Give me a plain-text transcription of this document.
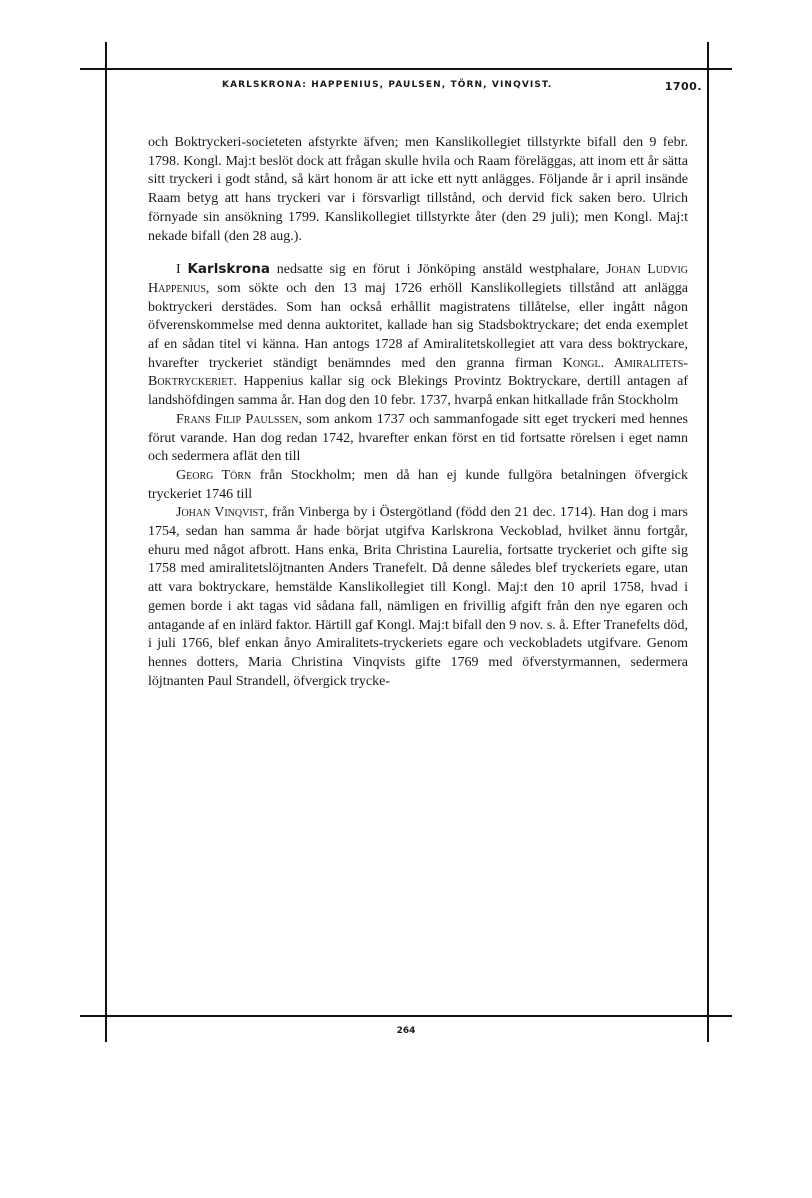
KARLSKRONA: HAPPENIUS, PAULSEN, TÖRN, VINQVIST.	1700.

och Boktryckeri-societeten afstyrkte äfven; men Kanslikollegiet tillstyrkte bifall den 9 febr. 1798. Kongl. Maj:t beslöt dock att frågan skulle hvila och Raam föreläggas, att inom ett år sätta sitt tryckeri i godt stånd, så kärt honom är att icke ett nytt anlägges. Följande år i april insände Raam betyg att hans tryckeri var i försvarligt tillstånd, och dervid fick saken bero. Ulrich förnyade sin ansökning 1799. Kanslikollegiet tillstyrkte åter (den 29 juli); men Kongl. Maj:t nekade bifall (den 28 aug.).

I Karlskrona nedsatte sig en förut i Jönköping anstäld westphalare, Johan Ludvig Happenius, som sökte och den 13 maj 1726 erhöll Kanslikollegiets tillstånd att anlägga boktryckeri derstädes. Som han också erhållit magistratens tillåtelse, eller ingått någon öfverenskommelse med denna auktoritet, kallade han sig Stadsboktryckare; det enda exemplet af en sådan titel vi känna. Han antogs 1728 af Amiralitetskollegiet att vara dess boktryckare, hvarefter tryckeriet ständigt benämndes med den granna firman Kongl. Amiralitets-Boktryckeriet. Happenius kallar sig ock Blekings Provintz Boktryckare, dertill antagen af landshöfdingen samma år. Han dog den 10 febr. 1737, hvarpå enkan hitkallade från Stockholm

Frans Filip Paulssen, som ankom 1737 och sammanfogade sitt eget tryckeri med hennes förut varande. Han dog redan 1742, hvarefter enkan först en tid fortsatte rörelsen i eget namn och sedermera aflät den till

Georg Törn från Stockholm; men då han ej kunde fullgöra betalningen öfvergick tryckeriet 1746 till

Johan Vinqvist, från Vinberga by i Östergötland (född den 21 dec. 1714). Han dog i mars 1754, sedan han samma år hade börjat utgifva Karlskrona Veckoblad, hvilket ännu fortgår, ehuru med något afbrott. Hans enka, Brita Christina Laurelia, fortsatte tryckeriet och gifte sig 1758 med amiralitetslöjtnanten Anders Tranefelt. Då denne således blef tryckeriets egare, utan att vara boktryckare, hemstälde Kanslikollegiet till Kongl. Maj:t den 10 april 1758, hvad i gemen borde i akt tagas vid sådana fall, nämligen en frivillig afgift från den nye egaren och antagande af en inlärd faktor. Härtill gaf Kongl. Maj:t bifall den 9 nov. s. å. Efter Tranefelts död, i juli 1766, blef enkan ånyo Amiralitets-tryckeriets egare och veckobladets utgifvare. Genom hennes dotters, Maria Christina Vinqvists gifte 1769 med öfverstyrmannen, sedermera löjtnanten Paul Strandell, öfvergick trycke-

264
